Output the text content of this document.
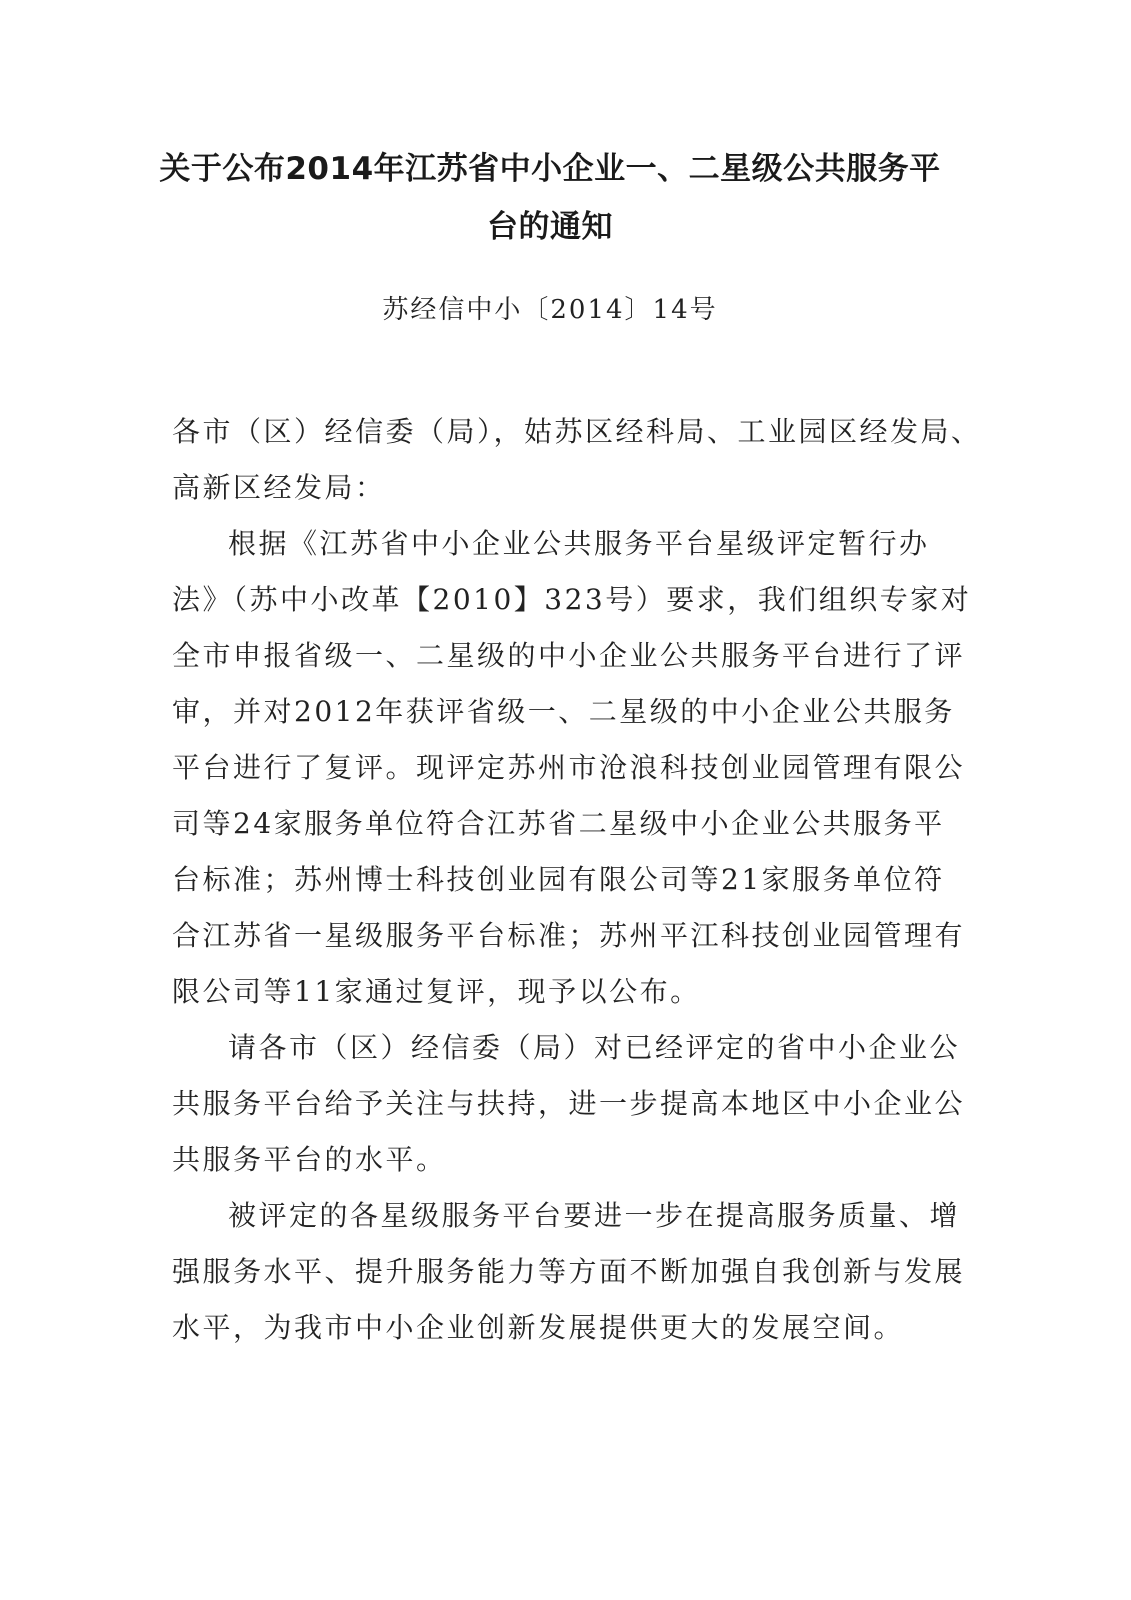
关于公布2014年江苏省中小企业一、二星级公共服务平
台的通知
苏经信中小〔2014〕14号
各市（区）经信委（局），姑苏区经科局、工业园区经发局、
高新区经发局：
根据《江苏省中小企业公共服务平台星级评定暂行办
法》（苏中小改革【2010】323号）要求，我们组织专家对
全市申报省级一、二星级的中小企业公共服务平台进行了评
审，并对2012年获评省级一、二星级的中小企业公共服务
平台进行了复评。现评定苏州市沧浪科技创业园管理有限公
司等24家服务单位符合江苏省二星级中小企业公共服务平
台标准；苏州博士科技创业园有限公司等21家服务单位符
合江苏省一星级服务平台标准；苏州平江科技创业园管理有
限公司等11家通过复评，现予以公布。
请各市（区）经信委（局）对已经评定的省中小企业公
共服务平台给予关注与扶持，进一步提高本地区中小企业公
共服务平台的水平。
被评定的各星级服务平台要进一步在提高服务质量、增
强服务水平、提升服务能力等方面不断加强自我创新与发展
水平，为我市中小企业创新发展提供更大的发展空间。
